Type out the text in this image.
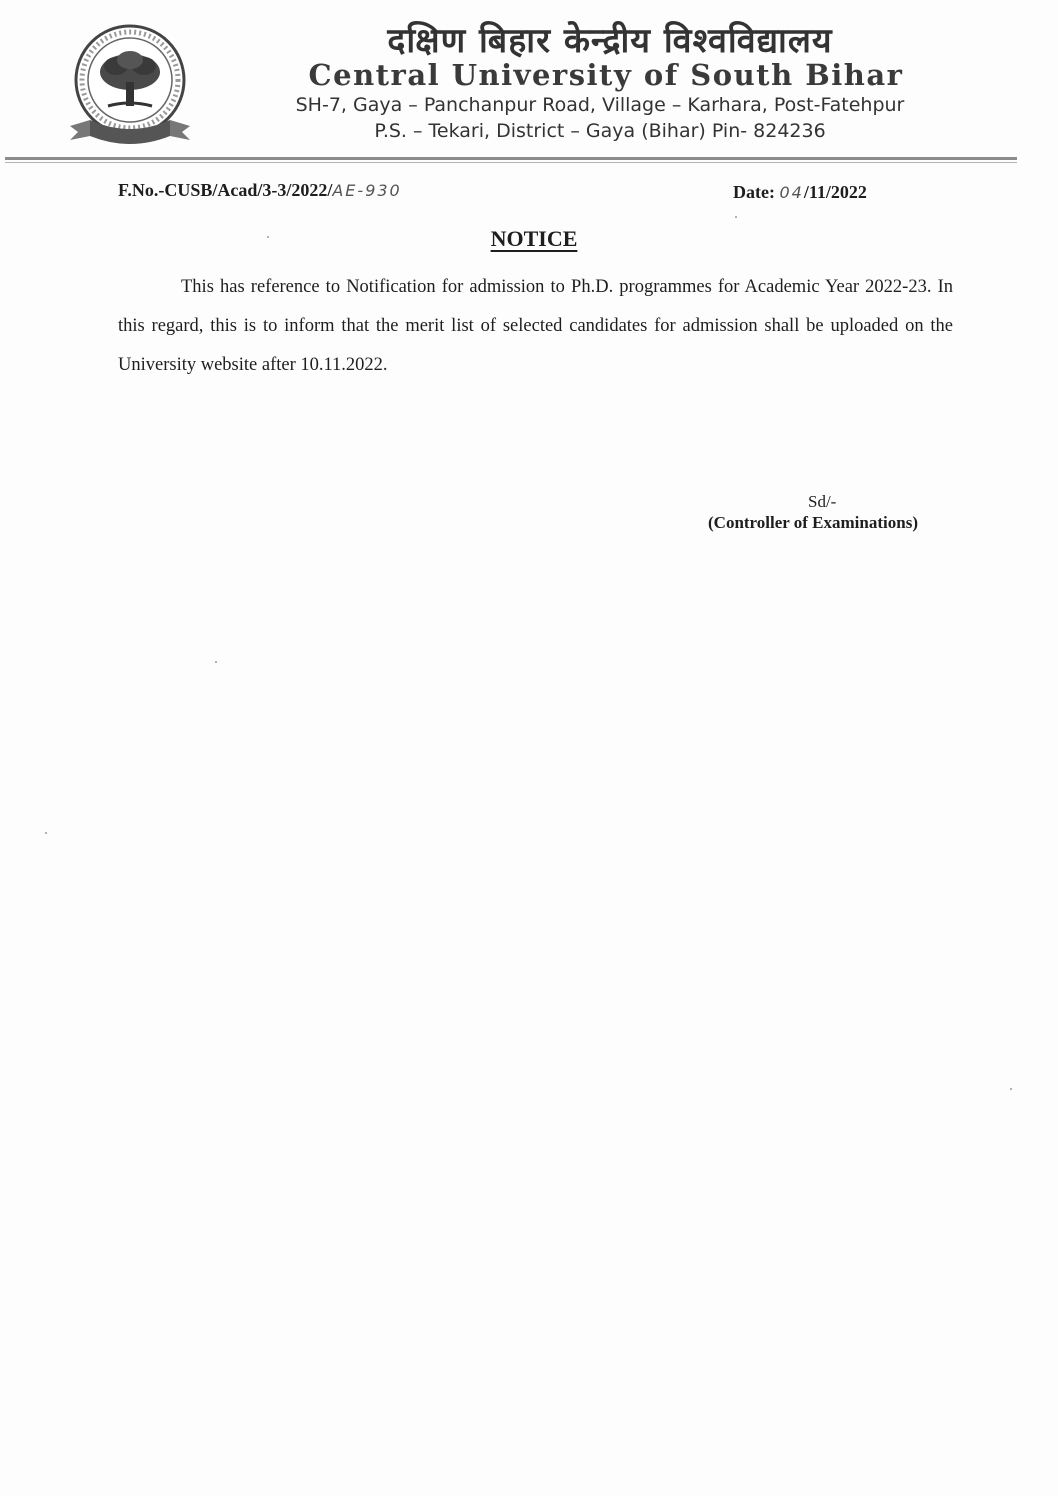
दक्षिण बिहार केन्द्रीय विश्वविद्यालय
Central University of South Bihar
SH-7, Gaya – Panchanpur Road, Village – Karhara, Post-Fatehpur
P.S. – Tekari, District – Gaya (Bihar) Pin- 824236
F.No.-CUSB/Acad/3-3/2022/AE-930	Date: 04/11/2022
NOTICE
This has reference to Notification for admission to Ph.D. programmes for Academic Year 2022-23. In this regard, this is to inform that the merit list of selected candidates for admission shall be uploaded on the University website after 10.11.2022.
Sd/-
(Controller of Examinations)
